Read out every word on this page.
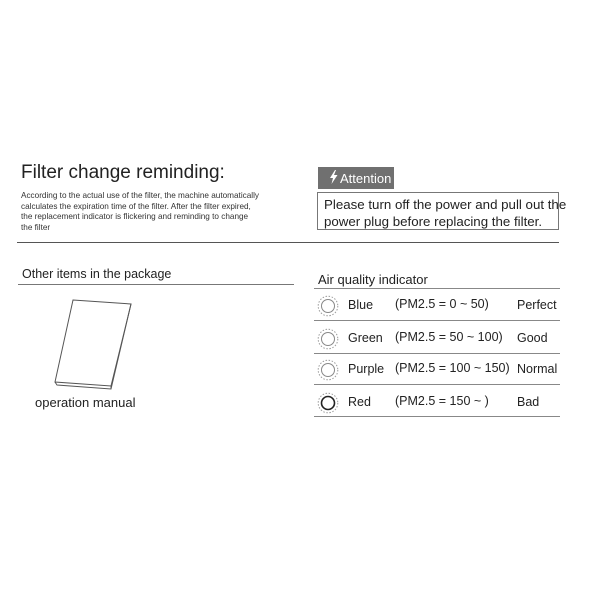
Filter change reminding:
According to the actual use of the filter, the machine automatically
calculates the expiration time of the filter. After the filter expired,
the replacement indicator is flickering and reminding to change
the filter
Attention
Please turn off the power and pull out the
power plug before replacing the filter.
Other items in the package
operation manual
Air quality indicator
Blue (PM2.5 = 0 ~ 50) Perfect
Green (PM2.5 = 50 ~ 100) Good
Purple (PM2.5 = 100 ~ 150) Normal
Red (PM2.5 = 150 ~ ) Bad
